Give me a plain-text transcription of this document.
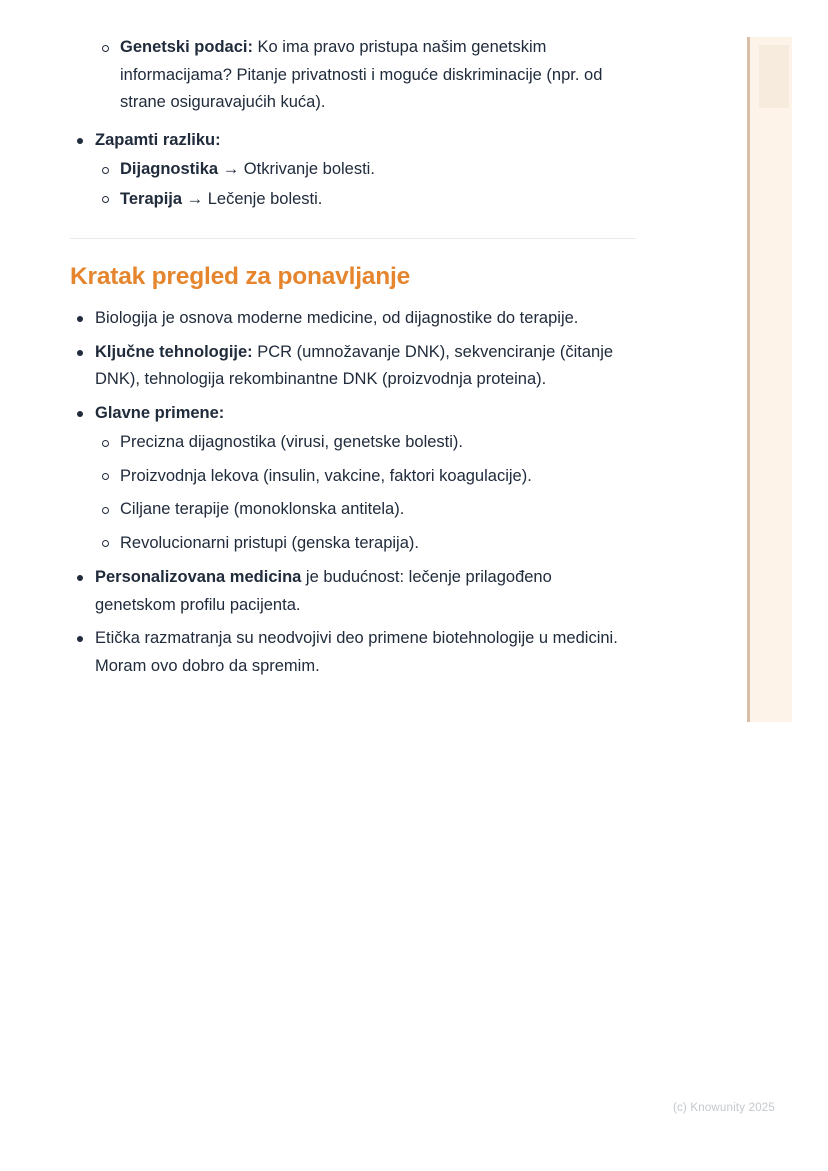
Genetski podaci: Ko ima pravo pristupa našim genetskim informacijama? Pitanje privatnosti i moguće diskriminacije (npr. od strane osiguravajućih kuća).
Zapamti razliku:
Dijagnostika → Otkrivanje bolesti.
Terapija → Lečenje bolesti.
Kratak pregled za ponavljanje
Biologija je osnova moderne medicine, od dijagnostike do terapije.
Ključne tehnologije: PCR (umnožavanje DNK), sekvenciranje (čitanje DNK), tehnologija rekombinantne DNK (proizvodnja proteina).
Glavne primene:
Precizna dijagnostika (virusi, genetske bolesti).
Proizvodnja lekova (insulin, vakcine, faktori koagulacije).
Ciljane terapije (monoklonska antitela).
Revolucionarni pristupi (genska terapija).
Personalizovana medicina je budućnost: lečenje prilagođeno genetskom profilu pacijenta.
Etička razmatranja su neodvojivi deo primene biotehnologije u medicini. Moram ovo dobro da spremim.
(c) Knowunity 2025
